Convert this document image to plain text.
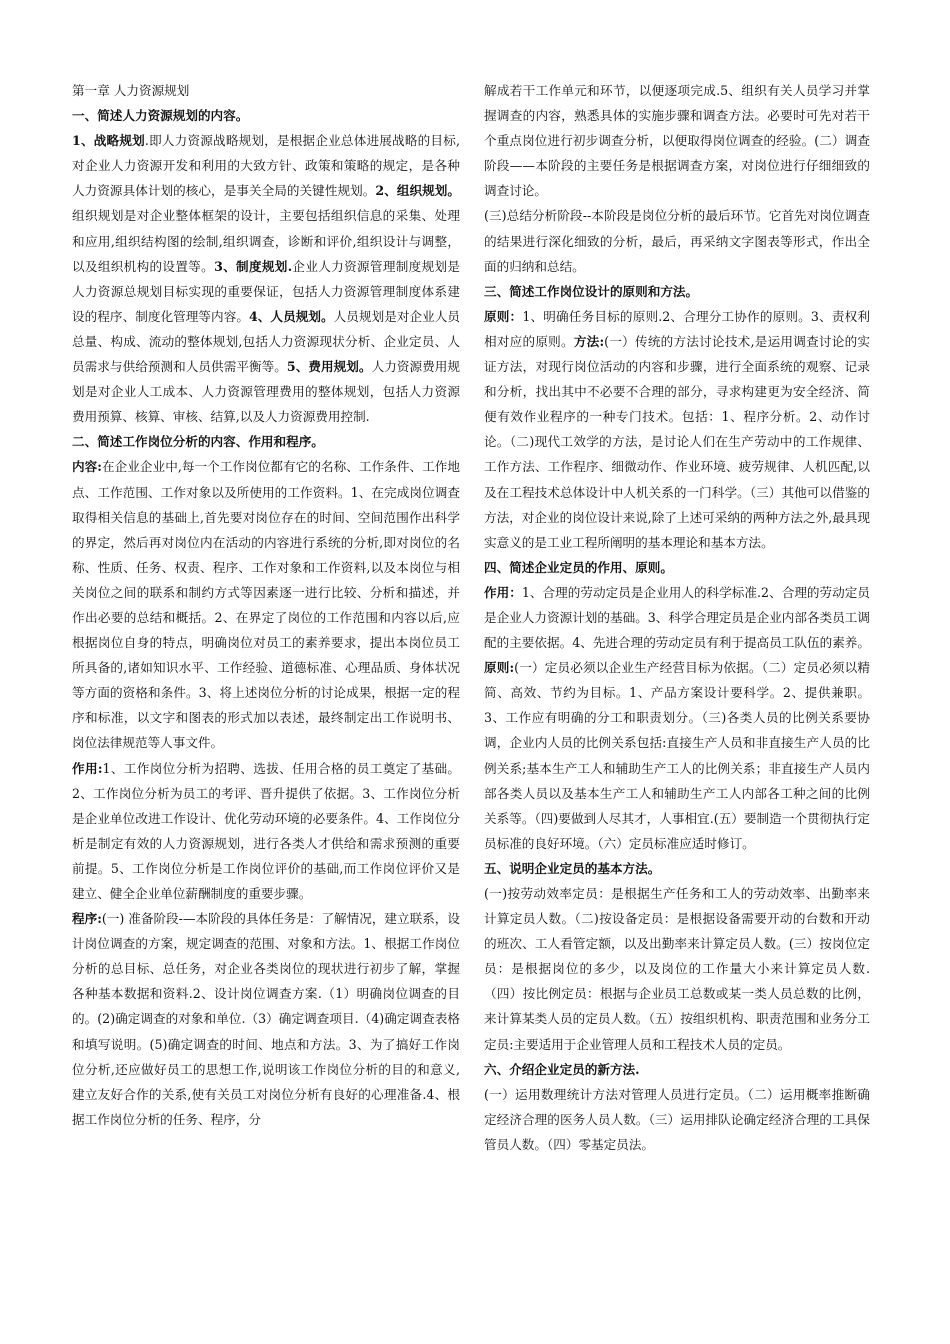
第一章 人力资源规划

一、简述人力资源规划的内容。

1、战略规划.即人力资源战略规划，是根据企业总体进展战略的目标,对企业人力资源开发和利用的大致方针、政策和策略的规定，是各种人力资源具体计划的核心，是事关全局的关键性规划。2、组织规划。组织规划是对企业整体框架的设计，主要包括组织信息的采集、处理和应用,组织结构图的绘制,组织调查，诊断和评价,组织设计与调整，以及组织机构的设置等。3、制度规划.企业人力资源管理制度规划是人力资源总规划目标实现的重要保证，包括人力资源管理制度体系建设的程序、制度化管理等内容。4、人员规划。人员规划是对企业人员总量、构成、流动的整体规划,包括人力资源现状分析、企业定员、人员需求与供给预测和人员供需平衡等。5、费用规划。人力资源费用规划是对企业人工成本、人力资源管理费用的整体规划，包括人力资源费用预算、核算、审核、结算,以及人力资源费用控制.

二、简述工作岗位分析的内容、作用和程序。

内容:在企业企业中,每一个工作岗位都有它的名称、工作条件、工作地点、工作范围、工作对象以及所使用的工作资料。1、在完成岗位调查取得相关信息的基础上,首先要对岗位存在的时间、空间范围作出科学的界定，然后再对岗位内在活动的内容进行系统的分析,即对岗位的名称、性质、任务、权责、程序、工作对象和工作资料,以及本岗位与相关岗位之间的联系和制约方式等因素逐一进行比较、分析和描述，并作出必要的总结和概括。2、在界定了岗位的工作范围和内容以后,应根据岗位自身的特点，明确岗位对员工的素养要求，提出本岗位员工所具备的,诸如知识水平、工作经验、道德标准、心理品质、身体状况等方面的资格和条件。3、将上述岗位分析的讨论成果，根据一定的程序和标准，以文字和图表的形式加以表述，最终制定出工作说明书、岗位法律规范等人事文件。

作用:1、工作岗位分析为招聘、选拔、任用合格的员工奠定了基础。2、工作岗位分析为员工的考评、晋升提供了依据。3、工作岗位分析是企业单位改进工作设计、优化劳动环境的必要条件。4、工作岗位分析是制定有效的人力资源规划，进行各类人才供给和需求预测的重要前提。5、工作岗位分析是工作岗位评价的基础,而工作岗位评价又是建立、健全企业单位薪酬制度的重要步骤。

程序:(一) 准备阶段-—本阶段的具体任务是：了解情况，建立联系，设计岗位调查的方案，规定调查的范围、对象和方法。1、根据工作岗位分析的总目标、总任务，对企业各类岗位的现状进行初步了解，掌握各种基本数据和资料.2、设计岗位调查方案.（1）明确岗位调查的目的。(2)确定调查的对象和单位.（3）确定调查项目.（4)确定调查表格和填写说明。(5)确定调查的时间、地点和方法。3、为了搞好工作岗位分析,还应做好员工的思想工作,说明该工作岗位分析的目的和意义,建立友好合作的关系,使有关员工对岗位分析有良好的心理准备.4、根据工作岗位分析的任务、程序，分

解成若干工作单元和环节，以便逐项完成.5、组织有关人员学习并掌握调查的内容，熟悉具体的实施步骤和调查方法。必要时可先对若干个重点岗位进行初步调查分析，以便取得岗位调查的经验。(二）调查阶段——本阶段的主要任务是根据调查方案，对岗位进行仔细细致的调查讨论。

(三)总结分析阶段--本阶段是岗位分析的最后环节。它首先对岗位调查的结果进行深化细致的分析，最后，再采纳文字图表等形式，作出全面的归纳和总结。

三、简述工作岗位设计的原则和方法。

原则：1、明确任务目标的原则.2、合理分工协作的原则。3、责权利相对应的原则。方法:(一）传统的方法讨论技术,是运用调查讨论的实证方法，对现行岗位活动的内容和步骤，进行全面系统的观察、记录和分析，找出其中不必要不合理的部分，寻求构建更为安全经济、简便有效作业程序的一种专门技术。包括：1、程序分析。2、动作讨论。（二)现代工效学的方法，是讨论人们在生产劳动中的工作规律、工作方法、工作程序、细微动作、作业环境、疲劳规律、人机匹配,以及在工程技术总体设计中人机关系的一门科学。（三）其他可以借鉴的方法，对企业的岗位设计来说,除了上述可采纳的两种方法之外,最具现实意义的是工业工程所阐明的基本理论和基本方法。

四、简述企业定员的作用、原则。

作用：1、合理的劳动定员是企业用人的科学标准.2、合理的劳动定员是企业人力资源计划的基础。3、科学合理定员是企业内部各类员工调配的主要依据。4、先进合理的劳动定员有利于提高员工队伍的素养。原则:(一）定员必须以企业生产经营目标为依据。（二）定员必须以精简、高效、节约为目标。1、产品方案设计要科学。2、提供兼职。3、工作应有明确的分工和职责划分。（三)各类人员的比例关系要协调，企业内人员的比例关系包括:直接生产人员和非直接生产人员的比例关系;基本生产工人和辅助生产工人的比例关系；非直接生产人员内部各类人员以及基本生产工人和辅助生产工人内部各工种之间的比例关系等。（四)要做到人尽其才，人事相宜.(五）要制造一个贯彻执行定员标准的良好环境。（六）定员标准应适时修订。

五、说明企业定员的基本方法。

(一)按劳动效率定员：是根据生产任务和工人的劳动效率、出勤率来计算定员人数。（二)按设备定员：是根据设备需要开动的台数和开动的班次、工人看管定额，以及出勤率来计算定员人数。(三）按岗位定员：是根据岗位的多少，以及岗位的工作量大小来计算定员人数.（四）按比例定员：根据与企业员工总数或某一类人员总数的比例，来计算某类人员的定员人数。（五）按组织机构、职责范围和业务分工定员:主要适用于企业管理人员和工程技术人员的定员。

六、介绍企业定员的新方法.

(一）运用数理统计方法对管理人员进行定员。（二）运用概率推断确定经济合理的医务人员人数。（三）运用排队论确定经济合理的工具保管员人数。（四）零基定员法。
